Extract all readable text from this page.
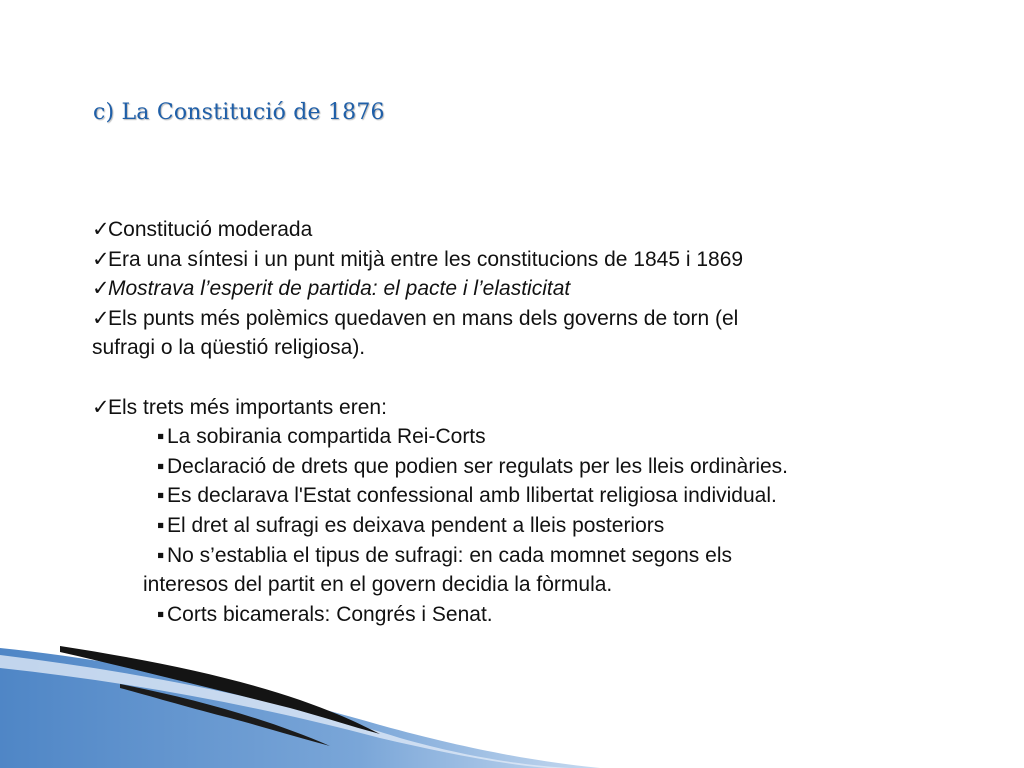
c) La Constitució de 1876
✓Constitució moderada
✓Era una síntesi i un punt mitjà entre les constitucions de 1845 i 1869
✓Mostrava l’esperit de partida: el pacte i l’elasticitat
✓Els punts més polèmics quedaven en mans dels governs de torn (el
sufragi o la qüestió religiosa).
✓Els trets més importants eren:
▪ La sobirania compartida Rei-Corts
▪ Declaració de drets que podien ser regulats per les lleis ordinàries.
▪ Es declarava l'Estat confessional amb llibertat religiosa individual.
▪ El dret al sufragi es deixava pendent a lleis posteriors
▪ No s’establia el tipus de sufragi: en cada momnet segons els
interesos del partit en el govern decidia la fòrmula.
▪ Corts bicamerals: Congrés i Senat.
